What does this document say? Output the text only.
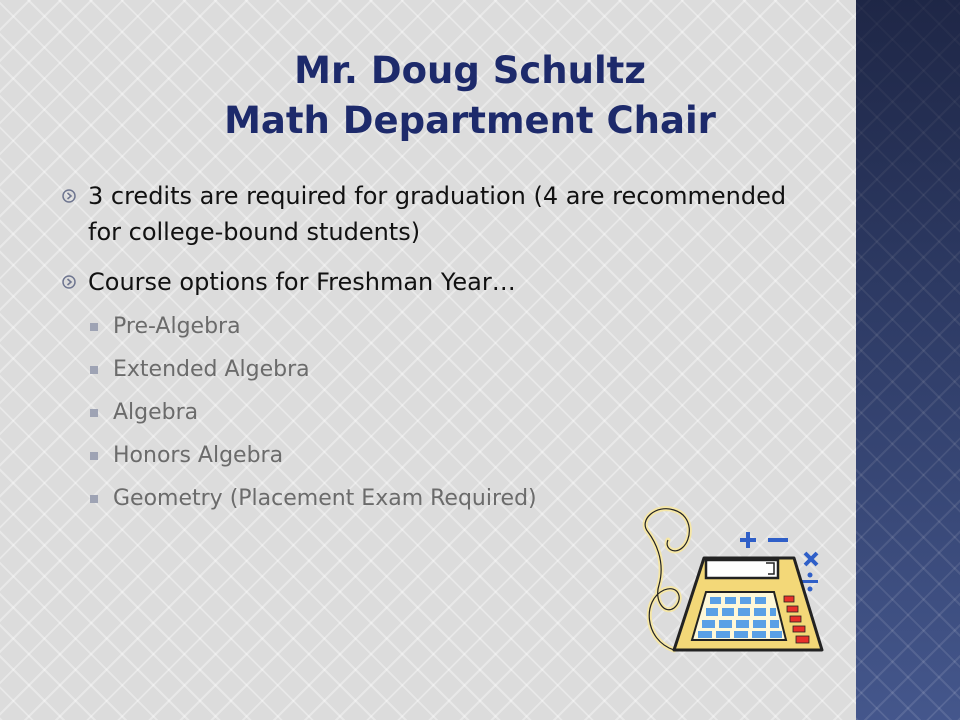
Mr. Doug Schultz
Math Department Chair
3 credits are required for graduation (4 are recommended for college-bound students)
Course options for Freshman Year…
Pre-Algebra
Extended Algebra
Algebra
Honors Algebra
Geometry (Placement Exam Required)
